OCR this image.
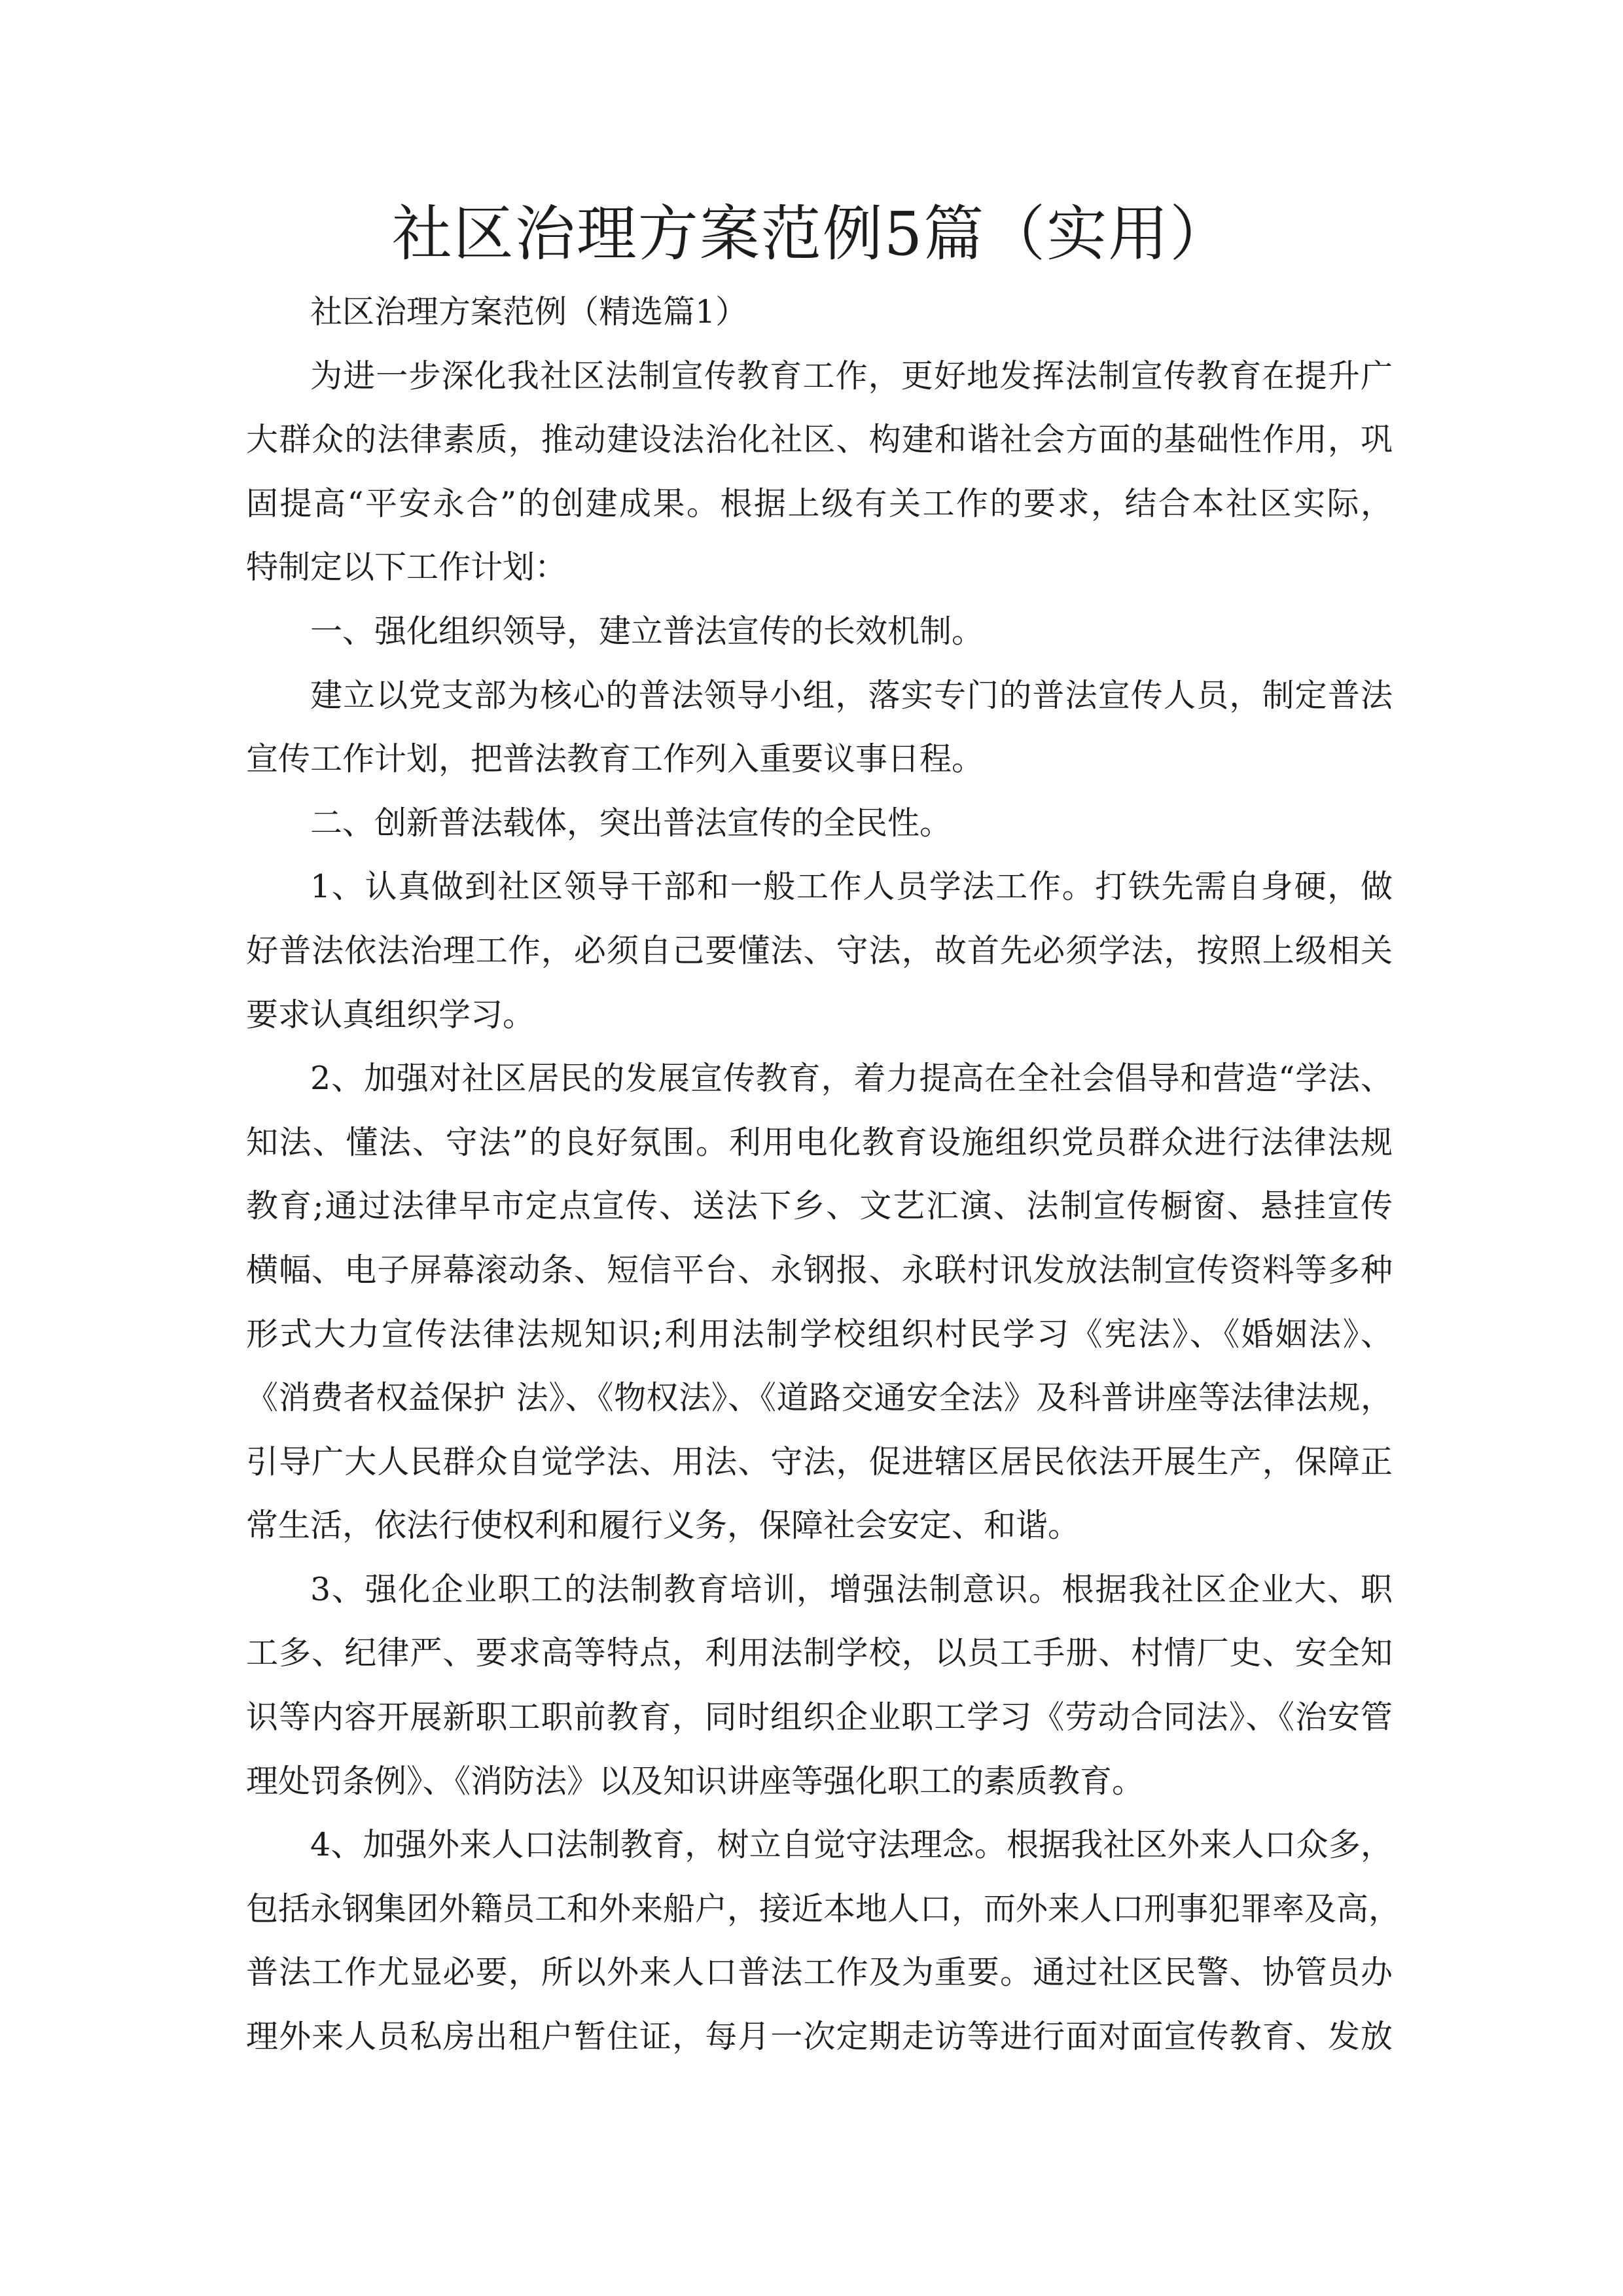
社区治理方案范例5篇（实用）
社区治理方案范例（精选篇1）
为进一步深化我社区法制宣传教育工作，更好地发挥法制宣传教育在提升广
大群众的法律素质，推动建设法治化社区、构建和谐社会方面的基础性作用，巩
固提高“平安永合”的创建成果。根据上级有关工作的要求，结合本社区实际，
特制定以下工作计划：
一、强化组织领导，建立普法宣传的长效机制。
建立以党支部为核心的普法领导小组，落实专门的普法宣传人员，制定普法
宣传工作计划，把普法教育工作列入重要议事日程。
二、创新普法载体，突出普法宣传的全民性。
1、认真做到社区领导干部和一般工作人员学法工作。打铁先需自身硬，做
好普法依法治理工作，必须自己要懂法、守法，故首先必须学法，按照上级相关
要求认真组织学习。
2、加强对社区居民的发展宣传教育，着力提高在全社会倡导和营造“学法、
知法、懂法、守法”的良好氛围。利用电化教育设施组织党员群众进行法律法规
教育;通过法律早市定点宣传、送法下乡、文艺汇演、法制宣传橱窗、悬挂宣传
横幅、电子屏幕滚动条、短信平台、永钢报、永联村讯发放法制宣传资料等多种
形式大力宣传法律法规知识;利用法制学校组织村民学习《宪法》、《婚姻法》、
《消费者权益保护 法》、《物权法》、《道路交通安全法》及科普讲座等法律法规，
引导广大人民群众自觉学法、用法、守法，促进辖区居民依法开展生产，保障正
常生活，依法行使权利和履行义务，保障社会安定、和谐。
3、强化企业职工的法制教育培训，增强法制意识。根据我社区企业大、职
工多、纪律严、要求高等特点，利用法制学校，以员工手册、村情厂史、安全知
识等内容开展新职工职前教育，同时组织企业职工学习《劳动合同法》、《治安管
理处罚条例》、《消防法》以及知识讲座等强化职工的素质教育。
4、加强外来人口法制教育，树立自觉守法理念。根据我社区外来人口众多，
包括永钢集团外籍员工和外来船户，接近本地人口，而外来人口刑事犯罪率及高，
普法工作尤显必要，所以外来人口普法工作及为重要。通过社区民警、协管员办
理外来人员私房出租户暂住证，每月一次定期走访等进行面对面宣传教育、发放
